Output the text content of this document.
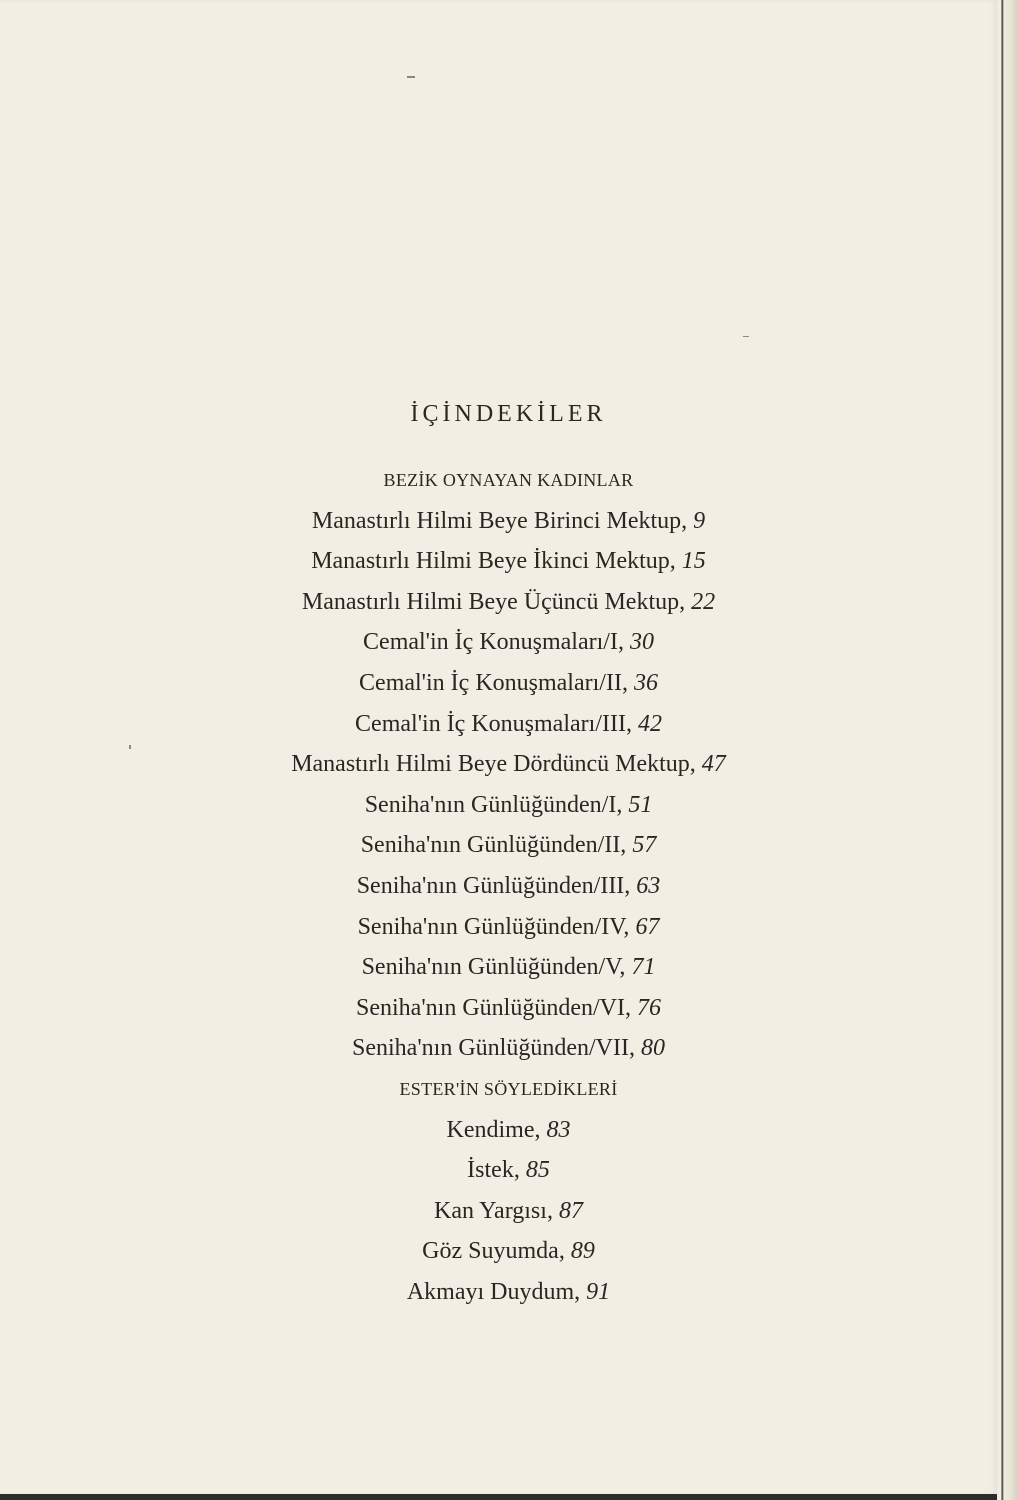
İÇİNDEKİLER
BEZİK OYNAYAN KADINLAR
Manastırlı Hilmi Beye Birinci Mektup, 9
Manastırlı Hilmi Beye İkinci Mektup, 15
Manastırlı Hilmi Beye Üçüncü Mektup, 22
Cemal'in İç Konuşmaları/I, 30
Cemal'in İç Konuşmaları/II, 36
Cemal'in İç Konuşmaları/III, 42
Manastırlı Hilmi Beye Dördüncü Mektup, 47
Seniha'nın Günlüğünden/I, 51
Seniha'nın Günlüğünden/II, 57
Seniha'nın Günlüğünden/III, 63
Seniha'nın Günlüğünden/IV, 67
Seniha'nın Günlüğünden/V, 71
Seniha'nın Günlüğünden/VI, 76
Seniha'nın Günlüğünden/VII, 80
ESTER'İN SÖYLEDİKLERİ
Kendime, 83
İstek, 85
Kan Yargısı, 87
Göz Suyumda, 89
Akmayı Duydum, 91
